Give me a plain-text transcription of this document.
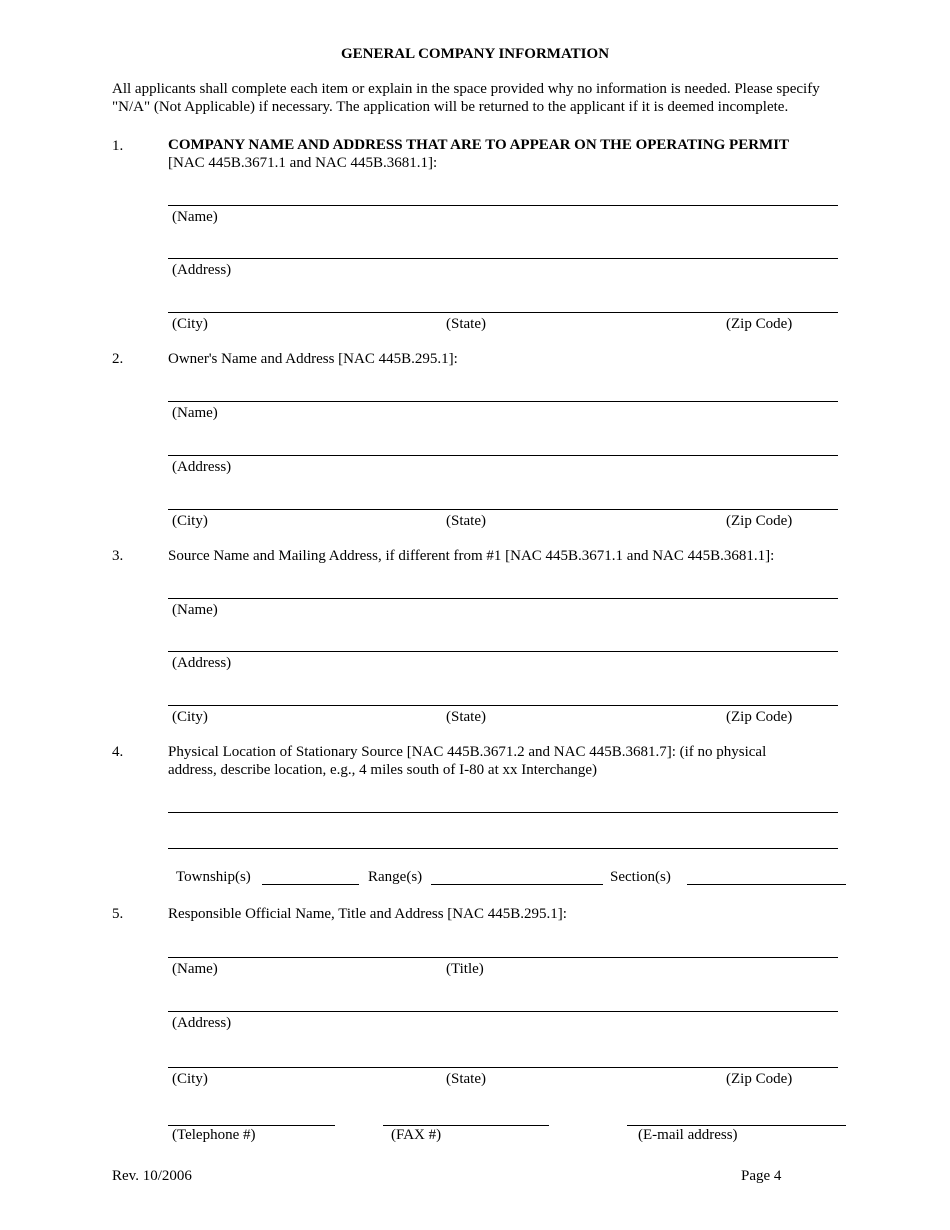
GENERAL COMPANY INFORMATION
All applicants shall complete each item or explain in the space provided why no information is needed. Please specify "N/A" (Not Applicable) if necessary. The application will be returned to the applicant if it is deemed incomplete.
1.	COMPANY NAME AND ADDRESS THAT ARE TO APPEAR ON THE OPERATING PERMIT
[NAC 445B.3671.1 and NAC 445B.3681.1]:
(Name)
(Address)
(City)	(State)	(Zip Code)
2.	Owner's Name and Address [NAC 445B.295.1]:
(Name)
(Address)
(City)	(State)	(Zip Code)
3.	Source Name and Mailing Address, if different from #1 [NAC 445B.3671.1 and NAC 445B.3681.1]:
(Name)
(Address)
(City)	(State)	(Zip Code)
4.	Physical Location of Stationary Source [NAC 445B.3671.2 and NAC 445B.3681.7]: (if no physical
address, describe location, e.g., 4 miles south of I-80 at xx Interchange)
Township(s)	Range(s)	Section(s)
5.	Responsible Official Name, Title and Address [NAC 445B.295.1]:
(Name)	(Title)
(Address)
(City)	(State)	(Zip Code)
(Telephone #)	(FAX #)	(E-mail address)
Rev. 10/2006	Page 4
